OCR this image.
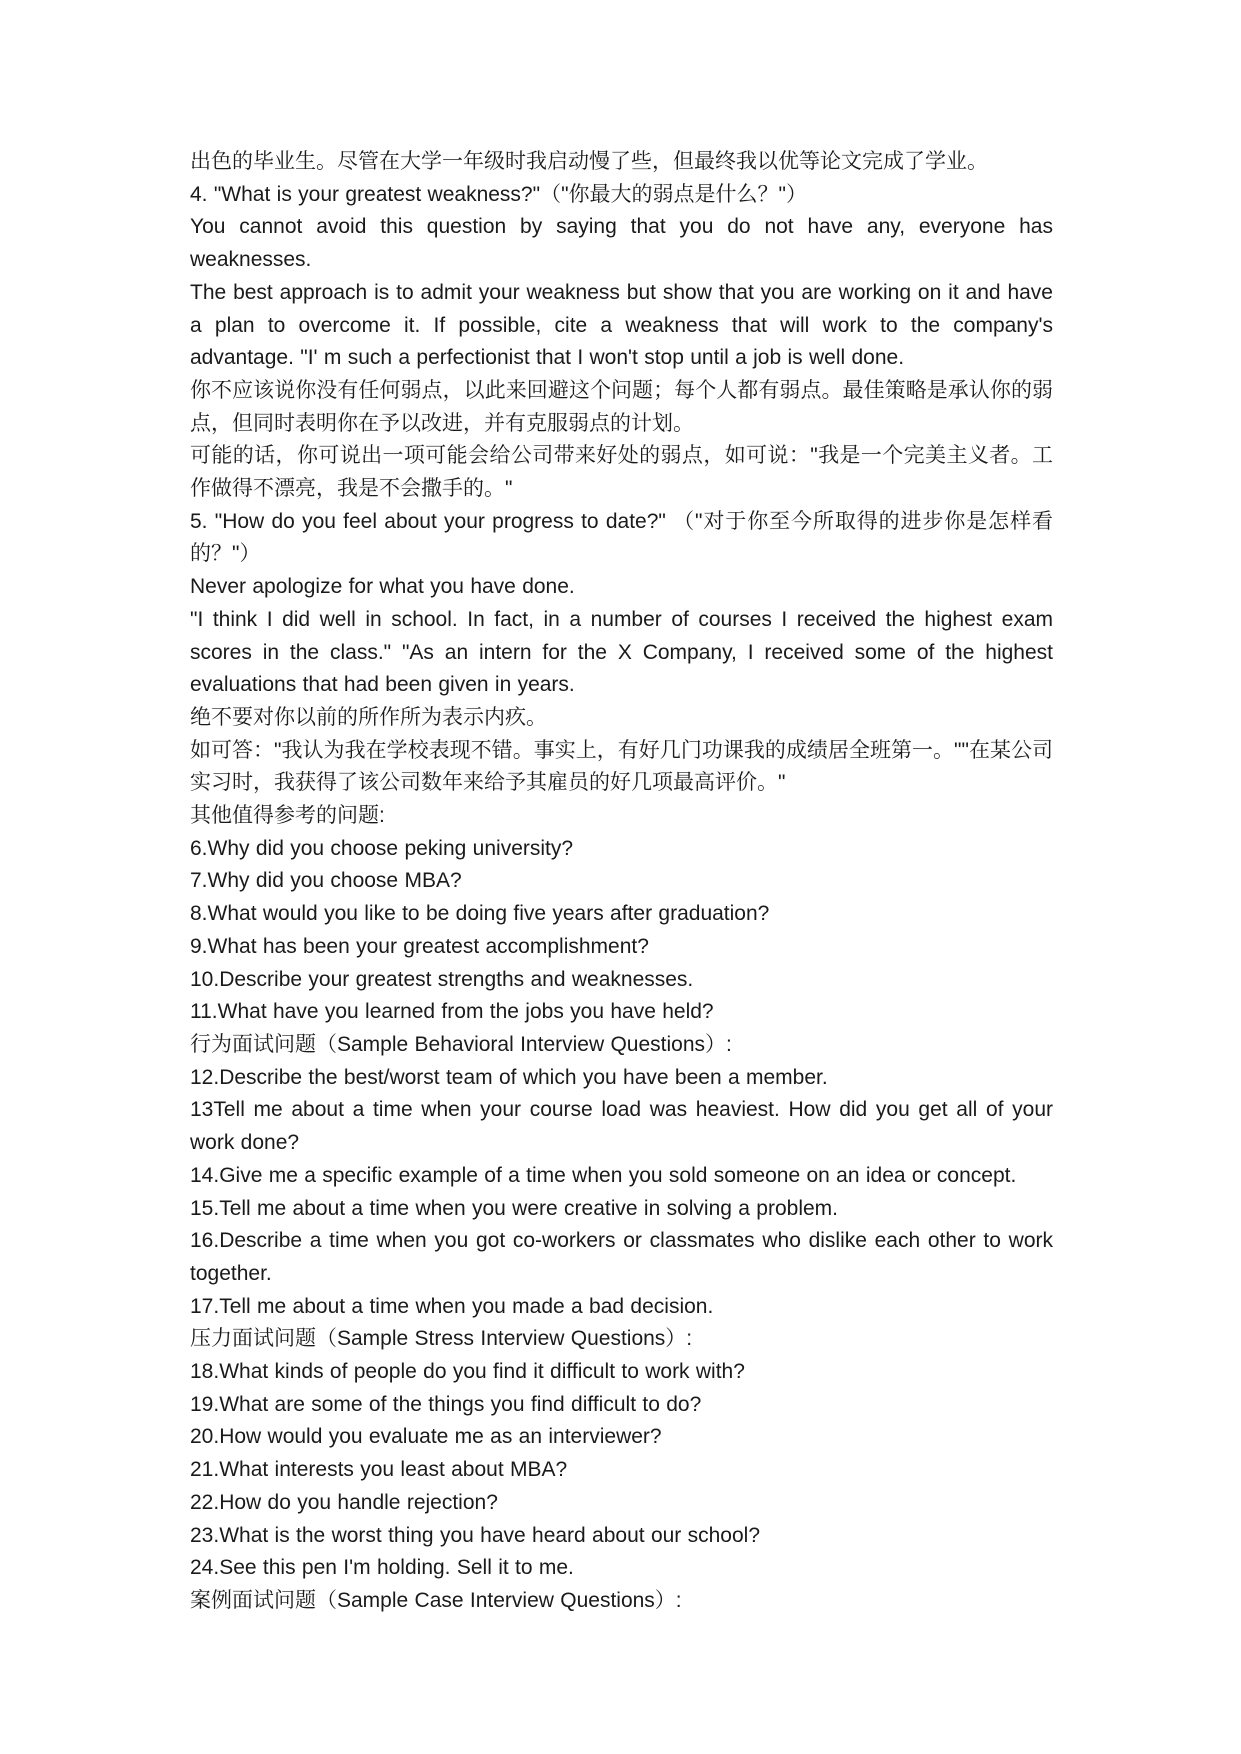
出色的毕业生。尽管在大学一年级时我启动慢了些，但最终我以优等论文完成了学业。

4. "What is your greatest weakness?"（"你最大的弱点是什么？"）

You cannot avoid this question by saying that you do not have any, everyone has weaknesses.

The best approach is to admit your weakness but show that you are working on it and have a plan to overcome it. If possible, cite a weakness that will work to the company's advantage. "I' m such a perfectionist that I won't stop until a job is well done.

你不应该说你没有任何弱点，以此来回避这个问题；每个人都有弱点。最佳策略是承认你的弱点，但同时表明你在予以改进，并有克服弱点的计划。

可能的话，你可说出一项可能会给公司带来好处的弱点，如可说："我是一个完美主义者。工作做得不漂亮，我是不会撒手的。"

5. "How do you feel about your progress to date?" （"对于你至今所取得的进步你是怎样看的？"）

Never apologize for what you have done.

"I think I did well in school. In fact, in a number of courses I received the highest exam scores in the class." "As an intern for the X Company, I received some of the highest evaluations that had been given in years.

绝不要对你以前的所作所为表示内疚。

如可答："我认为我在学校表现不错。事实上，有好几门功课我的成绩居全班第一。""在某公司实习时，我获得了该公司数年来给予其雇员的好几项最高评价。"

其他值得参考的问题:

6.Why did you choose peking university?

7.Why did you choose MBA?

8.What would you like to be doing five years after graduation?

9.What has been your greatest accomplishment?

10.Describe your greatest strengths and weaknesses.

11.What have you learned from the jobs you have held?

行为面试问题（Sample Behavioral Interview Questions）:

12.Describe the best/worst team of which you have been a member.

13Tell me about a time when your course load was heaviest. How did you get all of your work done?

14.Give me a specific example of a time when you sold someone on an idea or concept.

15.Tell me about a time when you were creative in solving a problem.

16.Describe a time when you got co-workers or classmates who dislike each other to work together.

17.Tell me about a time when you made a bad decision.

压力面试问题（Sample Stress Interview Questions）:

18.What kinds of people do you find it difficult to work with?

19.What are some of the things you find difficult to do?

20.How would you evaluate me as an interviewer?

21.What interests you least about MBA?

22.How do you handle rejection?

23.What is the worst thing you have heard about our school?

24.See this pen I'm holding. Sell it to me.

案例面试问题（Sample Case Interview Questions）:
